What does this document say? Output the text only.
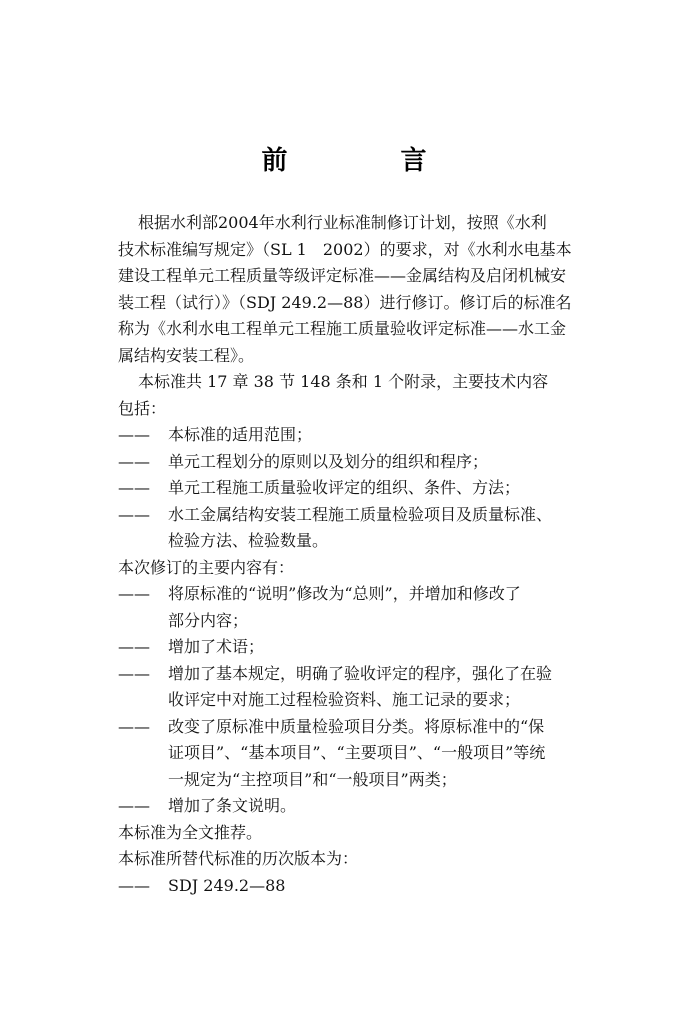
前 言
根据水利部2004年水利行业标准制修订计划，按照《水利
技术标准编写规定》（SL 1　2002）的要求，对《水利水电基本
建设工程单元工程质量等级评定标准——金属结构及启闭机械安
装工程（试行）》（SDJ 249.2—88）进行修订。修订后的标准名
称为《水利水电工程单元工程施工质量验收评定标准——水工金
属结构安装工程》。
本标准共 17 章 38 节 148 条和 1 个附录，主要技术内容
包括：
——	本标准的适用范围；
——	单元工程划分的原则以及划分的组织和程序；
——	单元工程施工质量验收评定的组织、条件、方法；
——	水工金属结构安装工程施工质量检验项目及质量标准、
检验方法、检验数量。
本次修订的主要内容有：
——	将原标准的“说明”修改为“总则”，并增加和修改了
部分内容；
——	增加了术语；
——	增加了基本规定，明确了验收评定的程序，强化了在验
收评定中对施工过程检验资料、施工记录的要求；
——	改变了原标准中质量检验项目分类。将原标准中的“保
证项目”、“基本项目”、“主要项目”、“一般项目”等统
一规定为“主控项目”和“一般项目”两类；
——	增加了条文说明。
本标准为全文推荐。
本标准所替代标准的历次版本为：
——	SDJ 249.2—88
